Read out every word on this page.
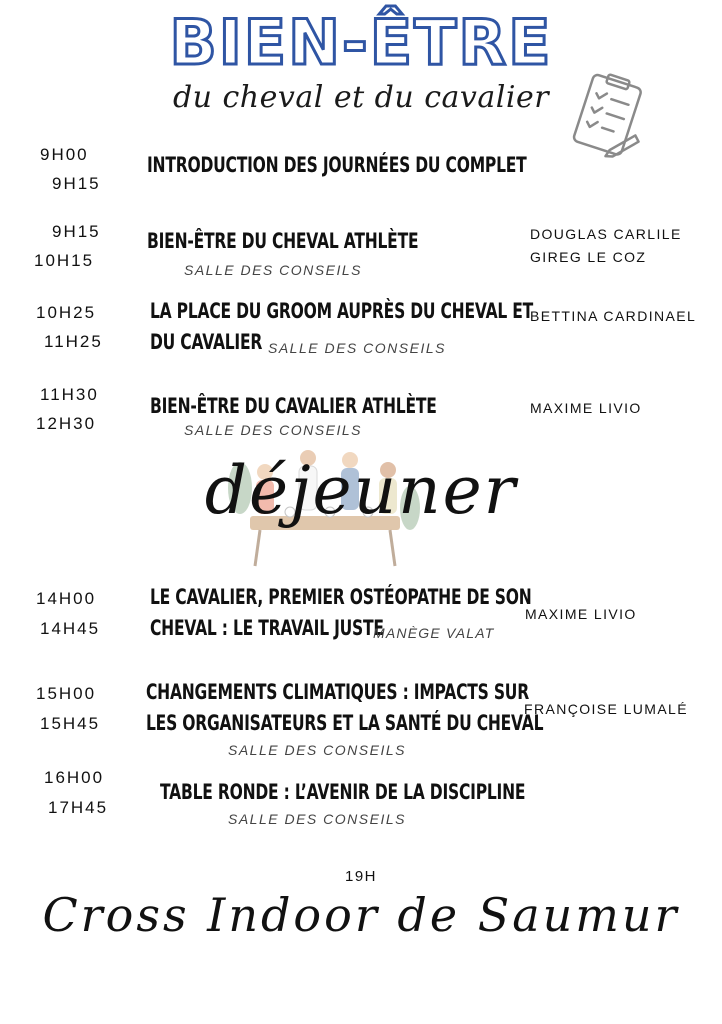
BIEN-ÊTRE
du cheval et du cavalier
9H00
9H15
INTRODUCTION DES JOURNÉES DU COMPLET
9H15
10H15
BIEN-ÊTRE DU CHEVAL ATHLÈTE
SALLE DES CONSEILS
DOUGLAS CARLILE
GIREG LE COZ
10H25
11H25
LA PLACE DU GROOM AUPRÈS DU CHEVAL ET
DU CAVALIER SALLE DES CONSEILS
BETTINA CARDINAEL
11H30
12H30
BIEN-ÊTRE DU CAVALIER ATHLÈTE
SALLE DES CONSEILS
MAXIME LIVIO
déjeuner
14H00
14H45
LE CAVALIER, PREMIER OSTÉOPATHE DE SON
CHEVAL : LE TRAVAIL JUSTE
MANÈGE VALAT
MAXIME LIVIO
15H00
15H45
CHANGEMENTS CLIMATIQUES : IMPACTS SUR
LES ORGANISATEURS ET LA SANTÉ DU CHEVAL
SALLE DES CONSEILS
FRANÇOISE LUMALÉ
16H00
17H45
TABLE RONDE : L’AVENIR DE LA DISCIPLINE
SALLE DES CONSEILS
19H
Cross Indoor de Saumur
